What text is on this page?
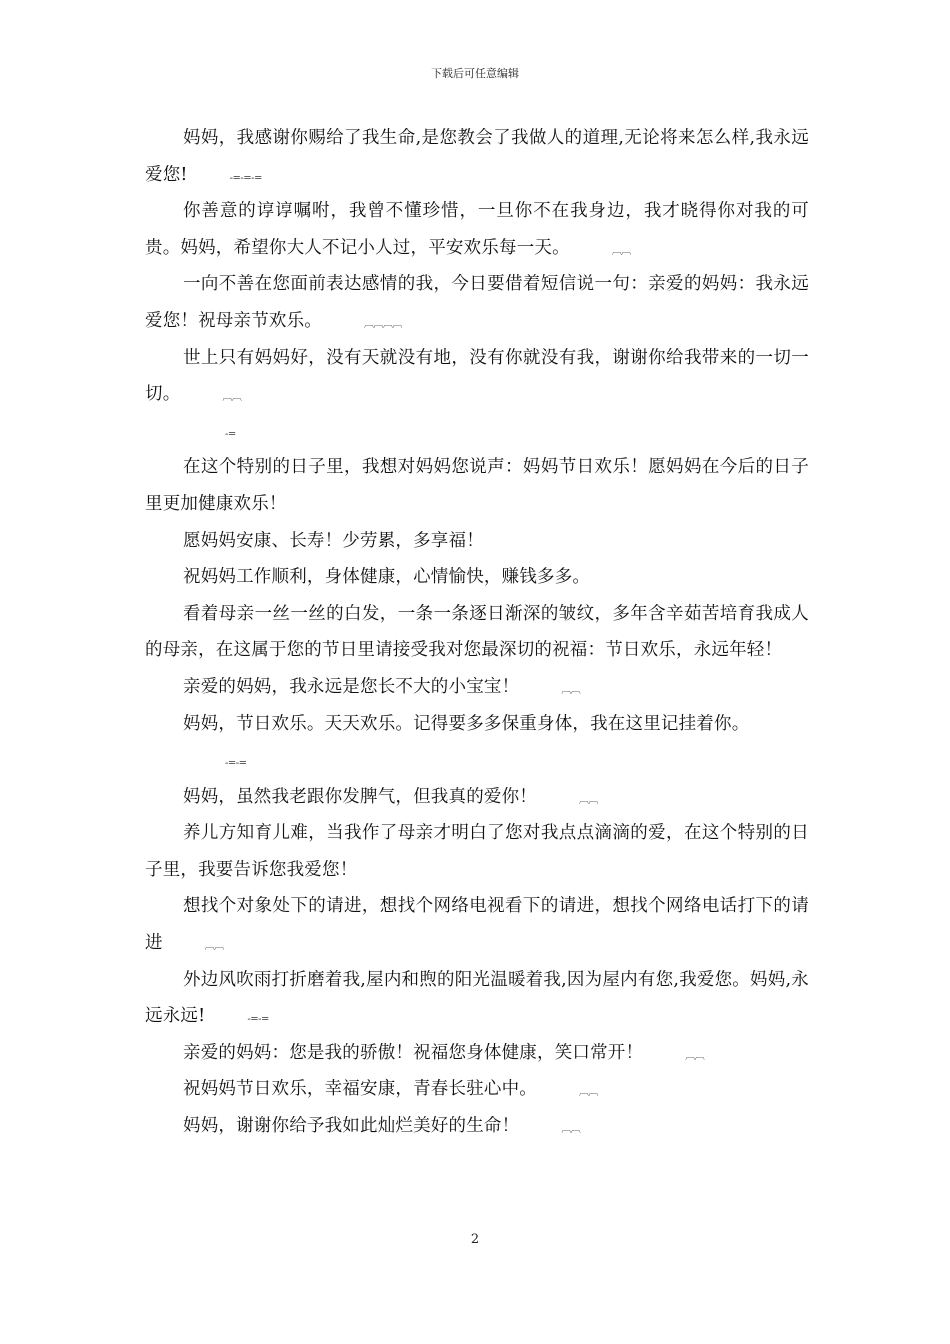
下载后可任意编辑

妈妈，我感谢你赐给了我生命,是您教会了我做人的道理,无论将来怎么样,我永远爱您!	-=-=-=

你善意的谆谆嘱咐，我曾不懂珍惜，一旦你不在我身边，我才晓得你对我的可贵。妈妈，希望你大人不记小人过，平安欢乐每一天。	︹︹

一向不善在您面前表达感情的我，今日要借着短信说一句：亲爱的妈妈：我永远爱您！祝母亲节欢乐。	︹︹︹︹

世上只有妈妈好，没有天就没有地，没有你就没有我，谢谢你给我带来的一切一切。	︹︹

-=

在这个特别的日子里，我想对妈妈您说声：妈妈节日欢乐！愿妈妈在今后的日子里更加健康欢乐！

愿妈妈安康、长寿！少劳累，多享福！

祝妈妈工作顺利，身体健康，心情愉快，赚钱多多。

看着母亲一丝一丝的白发，一条一条逐日渐深的皱纹，多年含辛茹苦培育我成人的母亲，在这属于您的节日里请接受我对您最深切的祝福：节日欢乐，永远年轻！

亲爱的妈妈，我永远是您长不大的小宝宝！	︹︹

妈妈，节日欢乐。天天欢乐。记得要多多保重身体，我在这里记挂着你。

-=-=

妈妈，虽然我老跟你发脾气，但我真的爱你！	︹︹

养儿方知育儿难，当我作了母亲才明白了您对我点点滴滴的爱，在这个特别的日子里，我要告诉您我爱您！

想找个对象处下的请进，想找个网络电视看下的请进，想找个网络电话打下的请进	︹︹

外边风吹雨打折磨着我,屋内和煦的阳光温暖着我,因为屋内有您,我爱您。妈妈,永远永远!	-=-=

亲爱的妈妈：您是我的骄傲！祝福您身体健康，笑口常开！	︹︹

祝妈妈节日欢乐，幸福安康，青春长驻心中。	︹︹

妈妈，谢谢你给予我如此灿烂美好的生命！	︹︹

2
